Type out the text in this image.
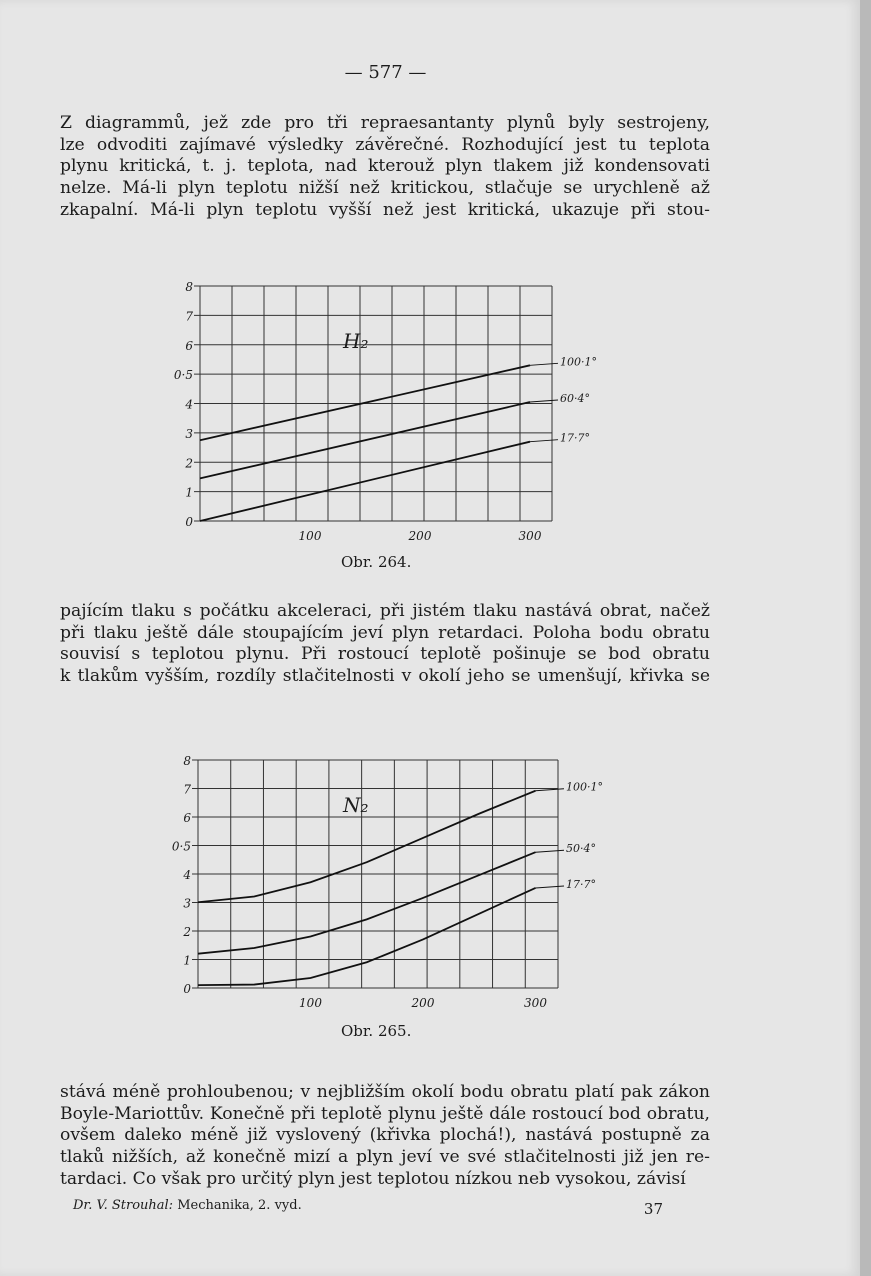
— 577 —

Z diagrammů, jež zde pro tři repraesantanty plynů byly sestrojeny,
lze odvoditi zajímavé výsledky závěrečné. Rozhodující jest tu teplota
plynu kritická, t. j. teplota, nad kterouž plyn tlakem již kondensovati
nelze. Má-li plyn teplotu nižší než kritickou, stlačuje se urychleně až
zkapalní. Má-li plyn teplotu vyšší než jest kritická, ukazuje při stou-

0
1
2
3
4
0·5
6
7
8
100	200	300
H₂
100·1°
60·4°
17·7°
Obr. 264.

pajícím tlaku s počátku akceleraci, při jistém tlaku nastává obrat, načež
při tlaku ještě dále stoupajícím jeví plyn retardaci. Poloha bodu obratu
souvisí s teplotou plynu. Při rostoucí teplotě pošinuje se bod obratu
k tlakům vyšším, rozdíly stlačitelnosti v okolí jeho se umenšují, křivka se

0
1
2
3
4
0·5
6
7
8
100	200	300
N₂
100·1°
50·4°
17·7°
Obr. 265.

stává méně prohloubenou; v nejbližším okolí bodu obratu platí pak zákon
Boyle-Mariottův. Konečně při teplotě plynu ještě dále rostoucí bod obratu,
ovšem daleko méně již vyslovený (křivka plochá!), nastává postupně za
tlaků nižších, až konečně mizí a plyn jeví ve své stlačitelnosti již jen re-
tardaci. Co však pro určitý plyn jest teplotou nízkou neb vysokou, závisí

Dr. V. Strouhal: Mechanika, 2. vyd.	37
